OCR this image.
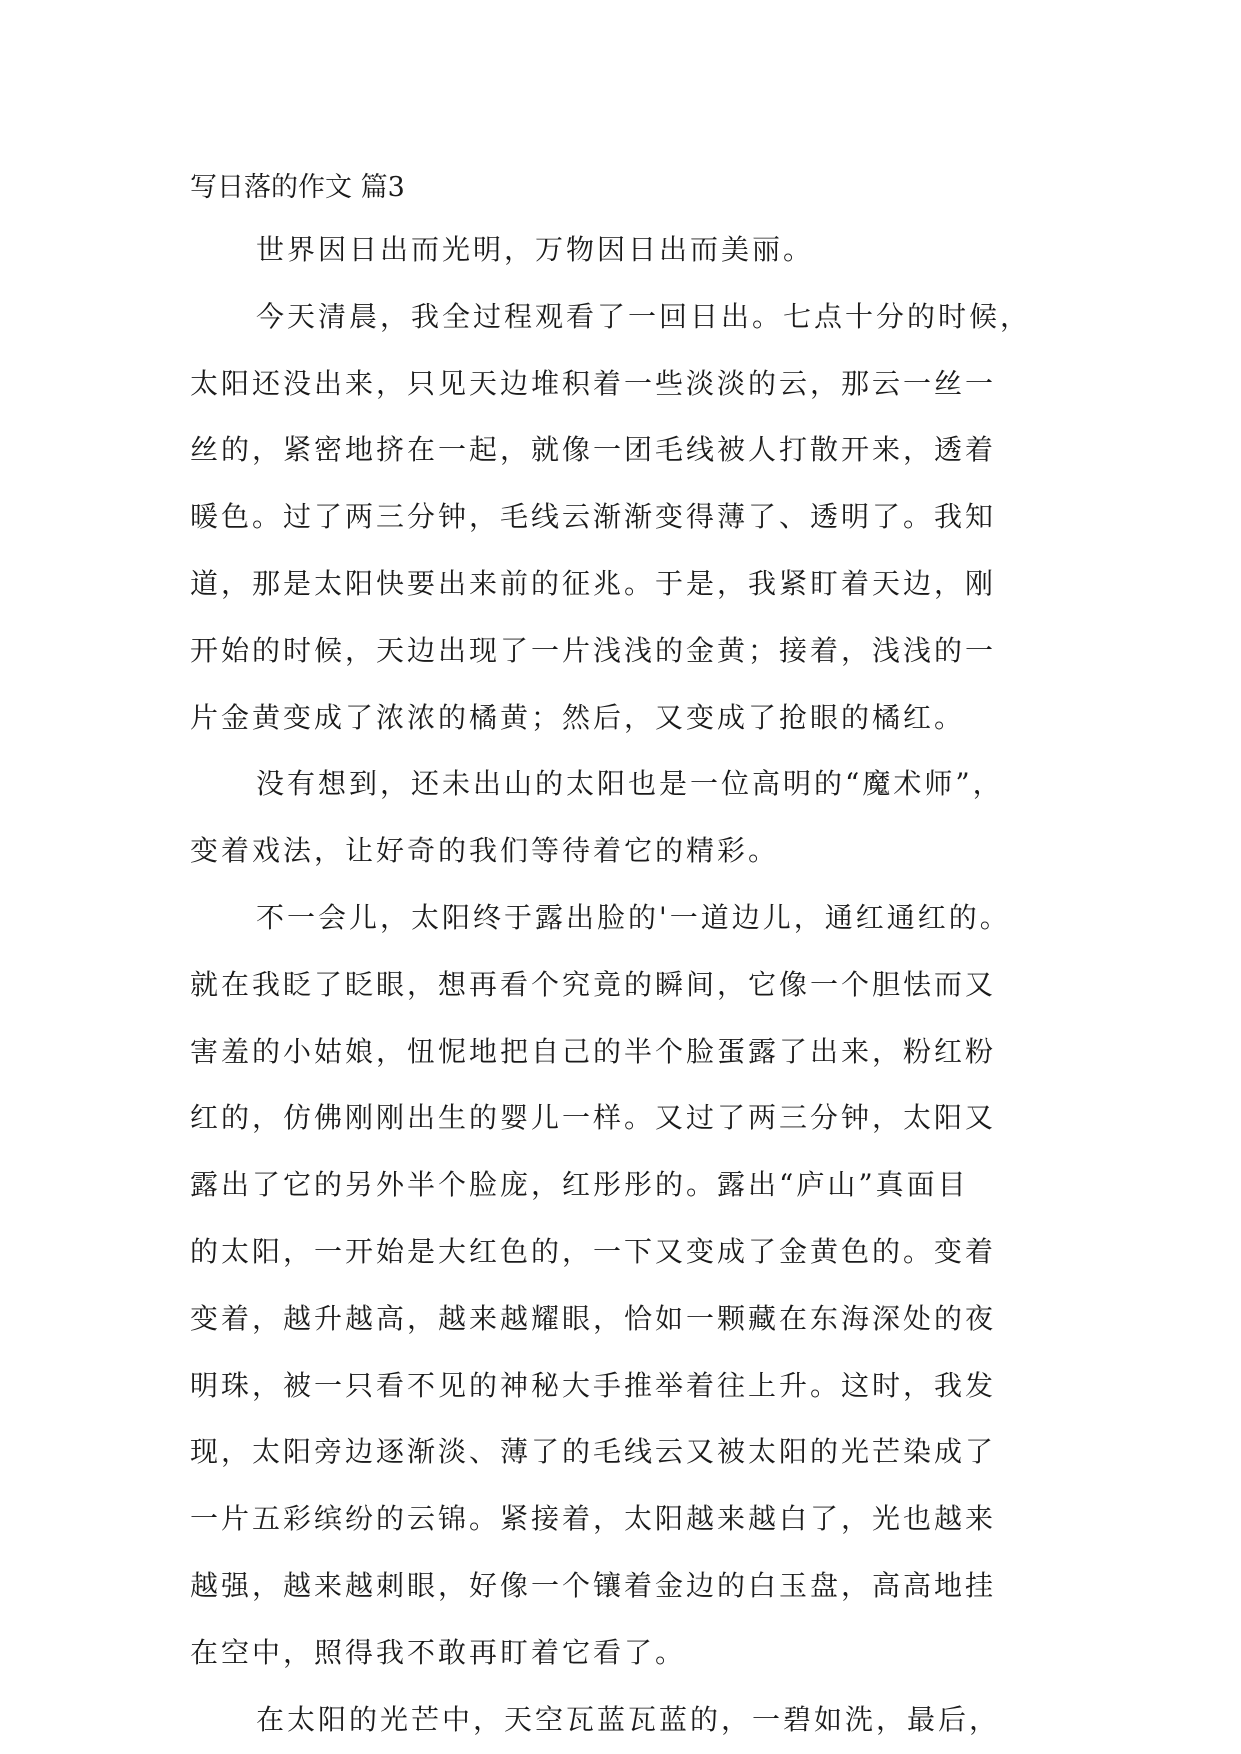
写日落的作文 篇3
世界因日出而光明，万物因日出而美丽。
今天清晨，我全过程观看了一回日出。七点十分的时候，
太阳还没出来，只见天边堆积着一些淡淡的云，那云一丝一
丝的，紧密地挤在一起，就像一团毛线被人打散开来，透着
暖色。过了两三分钟，毛线云渐渐变得薄了、透明了。我知
道，那是太阳快要出来前的征兆。于是，我紧盯着天边，刚
开始的时候，天边出现了一片浅浅的金黄；接着，浅浅的一
片金黄变成了浓浓的橘黄；然后，又变成了抢眼的橘红。
没有想到，还未出山的太阳也是一位高明的“魔术师”，
变着戏法，让好奇的我们等待着它的精彩。
不一会儿，太阳终于露出脸的'一道边儿，通红通红的。
就在我眨了眨眼，想再看个究竟的瞬间，它像一个胆怯而又
害羞的小姑娘，忸怩地把自己的半个脸蛋露了出来，粉红粉
红的，仿佛刚刚出生的婴儿一样。又过了两三分钟，太阳又
露出了它的另外半个脸庞，红彤彤的。露出“庐山”真面目
的太阳，一开始是大红色的，一下又变成了金黄色的。变着
变着，越升越高，越来越耀眼，恰如一颗藏在东海深处的夜
明珠，被一只看不见的神秘大手推举着往上升。这时，我发
现，太阳旁边逐渐淡、薄了的毛线云又被太阳的光芒染成了
一片五彩缤纷的云锦。紧接着，太阳越来越白了，光也越来
越强，越来越刺眼，好像一个镶着金边的白玉盘，高高地挂
在空中，照得我不敢再盯着它看了。
在太阳的光芒中，天空瓦蓝瓦蓝的，一碧如洗，最后，
